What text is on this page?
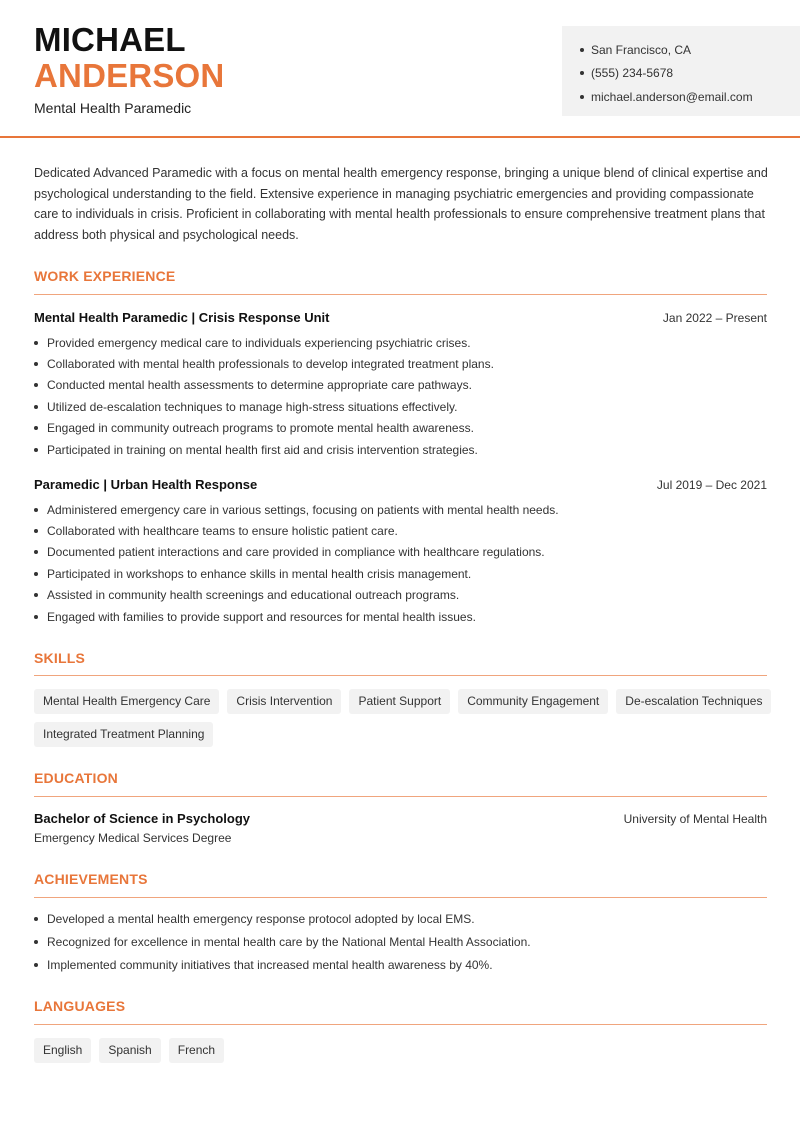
MICHAEL
ANDERSON
Mental Health Paramedic
San Francisco, CA
(555) 234-5678
michael.anderson@email.com

Dedicated Advanced Paramedic with a focus on mental health emergency response, bringing a unique blend of clinical expertise and psychological understanding to the field. Extensive experience in managing psychiatric emergencies and providing compassionate care to individuals in crisis. Proficient in collaborating with mental health professionals to ensure comprehensive treatment plans that address both physical and psychological needs.

WORK EXPERIENCE
Mental Health Paramedic | Crisis Response Unit	Jan 2022 – Present
Provided emergency medical care to individuals experiencing psychiatric crises.
Collaborated with mental health professionals to develop integrated treatment plans.
Conducted mental health assessments to determine appropriate care pathways.
Utilized de-escalation techniques to manage high-stress situations effectively.
Engaged in community outreach programs to promote mental health awareness.
Participated in training on mental health first aid and crisis intervention strategies.
Paramedic | Urban Health Response	Jul 2019 – Dec 2021
Administered emergency care in various settings, focusing on patients with mental health needs.
Collaborated with healthcare teams to ensure holistic patient care.
Documented patient interactions and care provided in compliance with healthcare regulations.
Participated in workshops to enhance skills in mental health crisis management.
Assisted in community health screenings and educational outreach programs.
Engaged with families to provide support and resources for mental health issues.
SKILLS
Mental Health Emergency Care	Crisis Intervention	Patient Support	Community Engagement	De-escalation Techniques
Integrated Treatment Planning
EDUCATION
Bachelor of Science in Psychology
Emergency Medical Services Degree
University of Mental Health
ACHIEVEMENTS
Developed a mental health emergency response protocol adopted by local EMS.
Recognized for excellence in mental health care by the National Mental Health Association.
Implemented community initiatives that increased mental health awareness by 40%.
LANGUAGES
English	Spanish	French
